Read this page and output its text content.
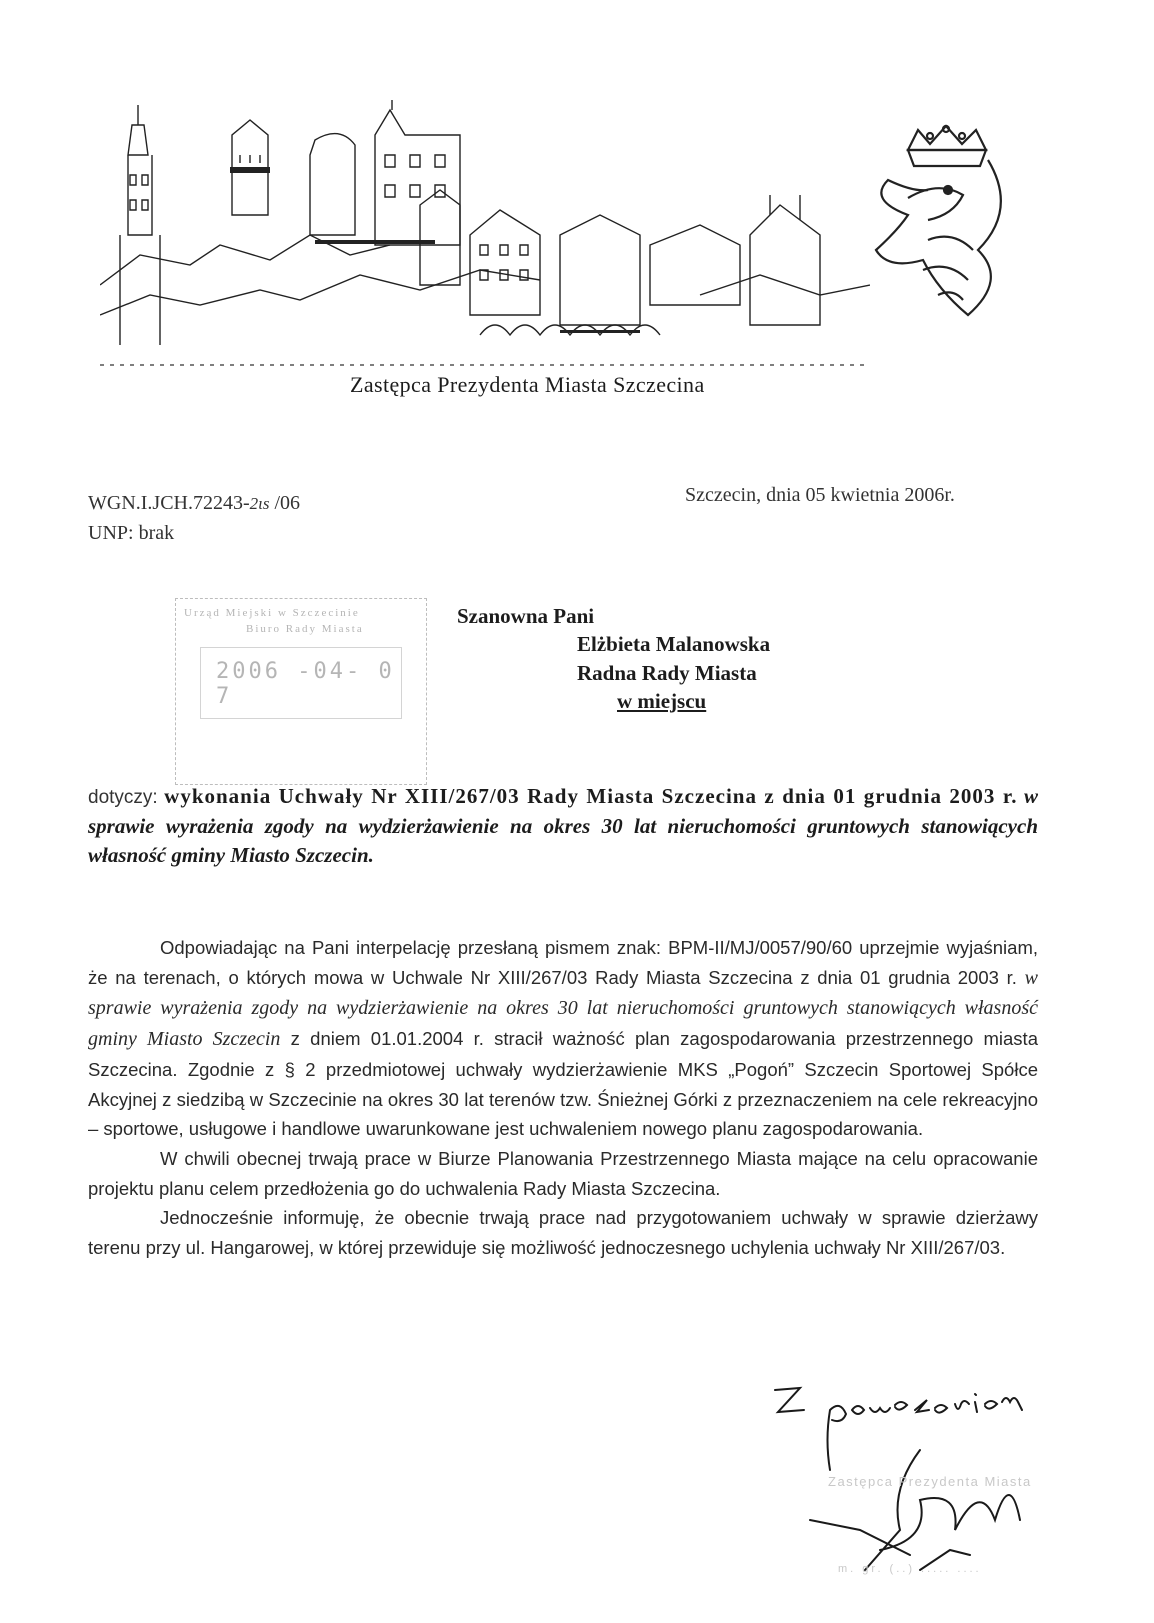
Zastępca Prezydenta Miasta Szczecina
WGN.I.JCH.72243-2ɩs /06
UNP: brak
Szczecin, dnia 05 kwietnia 2006r.
Urząd Miejski w Szczecinie
Biuro Rady Miasta
2006 -04- 0 7
Szanowna Pani
Elżbieta Malanowska
Radna Rady Miasta
w miejscu
dotyczy: wykonania Uchwały Nr XIII/267/03 Rady Miasta Szczecina z dnia 01 grudnia 2003 r. w sprawie wyrażenia zgody na wydzierżawienie na okres 30 lat nieruchomości gruntowych stanowiących własność gminy Miasto Szczecin.

Odpowiadając na Pani interpelację przesłaną pismem znak: BPM-II/MJ/0057/90/60 uprzejmie wyjaśniam, że na terenach, o których mowa w Uchwale Nr XIII/267/03 Rady Miasta Szczecina z dnia 01 grudnia 2003 r. w sprawie wyrażenia zgody na wydzierżawienie na okres 30 lat nieruchomości gruntowych stanowiących własność gminy Miasto Szczecin z dniem 01.01.2004 r. stracił ważność plan zagospodarowania przestrzennego miasta Szczecina. Zgodnie z § 2 przedmiotowej uchwały wydzierżawienie MKS „Pogoń” Szczecin Sportowej Spółce Akcyjnej z siedzibą w Szczecinie na okres 30 lat terenów tzw. Śnieżnej Górki z przeznaczeniem na cele rekreacyjno – sportowe, usługowe i handlowe uwarunkowane jest uchwaleniem nowego planu zagospodarowania.

W chwili obecnej trwają prace w Biurze Planowania Przestrzennego Miasta mające na celu opracowanie projektu planu celem przedłożenia go do uchwalenia Rady Miasta Szczecina.

Jednocześnie informuję, że obecnie trwają prace nad przygotowaniem uchwały w sprawie dzierżawy terenu przy ul. Hangarowej, w której przewiduje się możliwość jednoczesnego uchylenia uchwały Nr XIII/267/03.

Zastępca Prezydenta Miasta
m. gr. (..) ..... ....
